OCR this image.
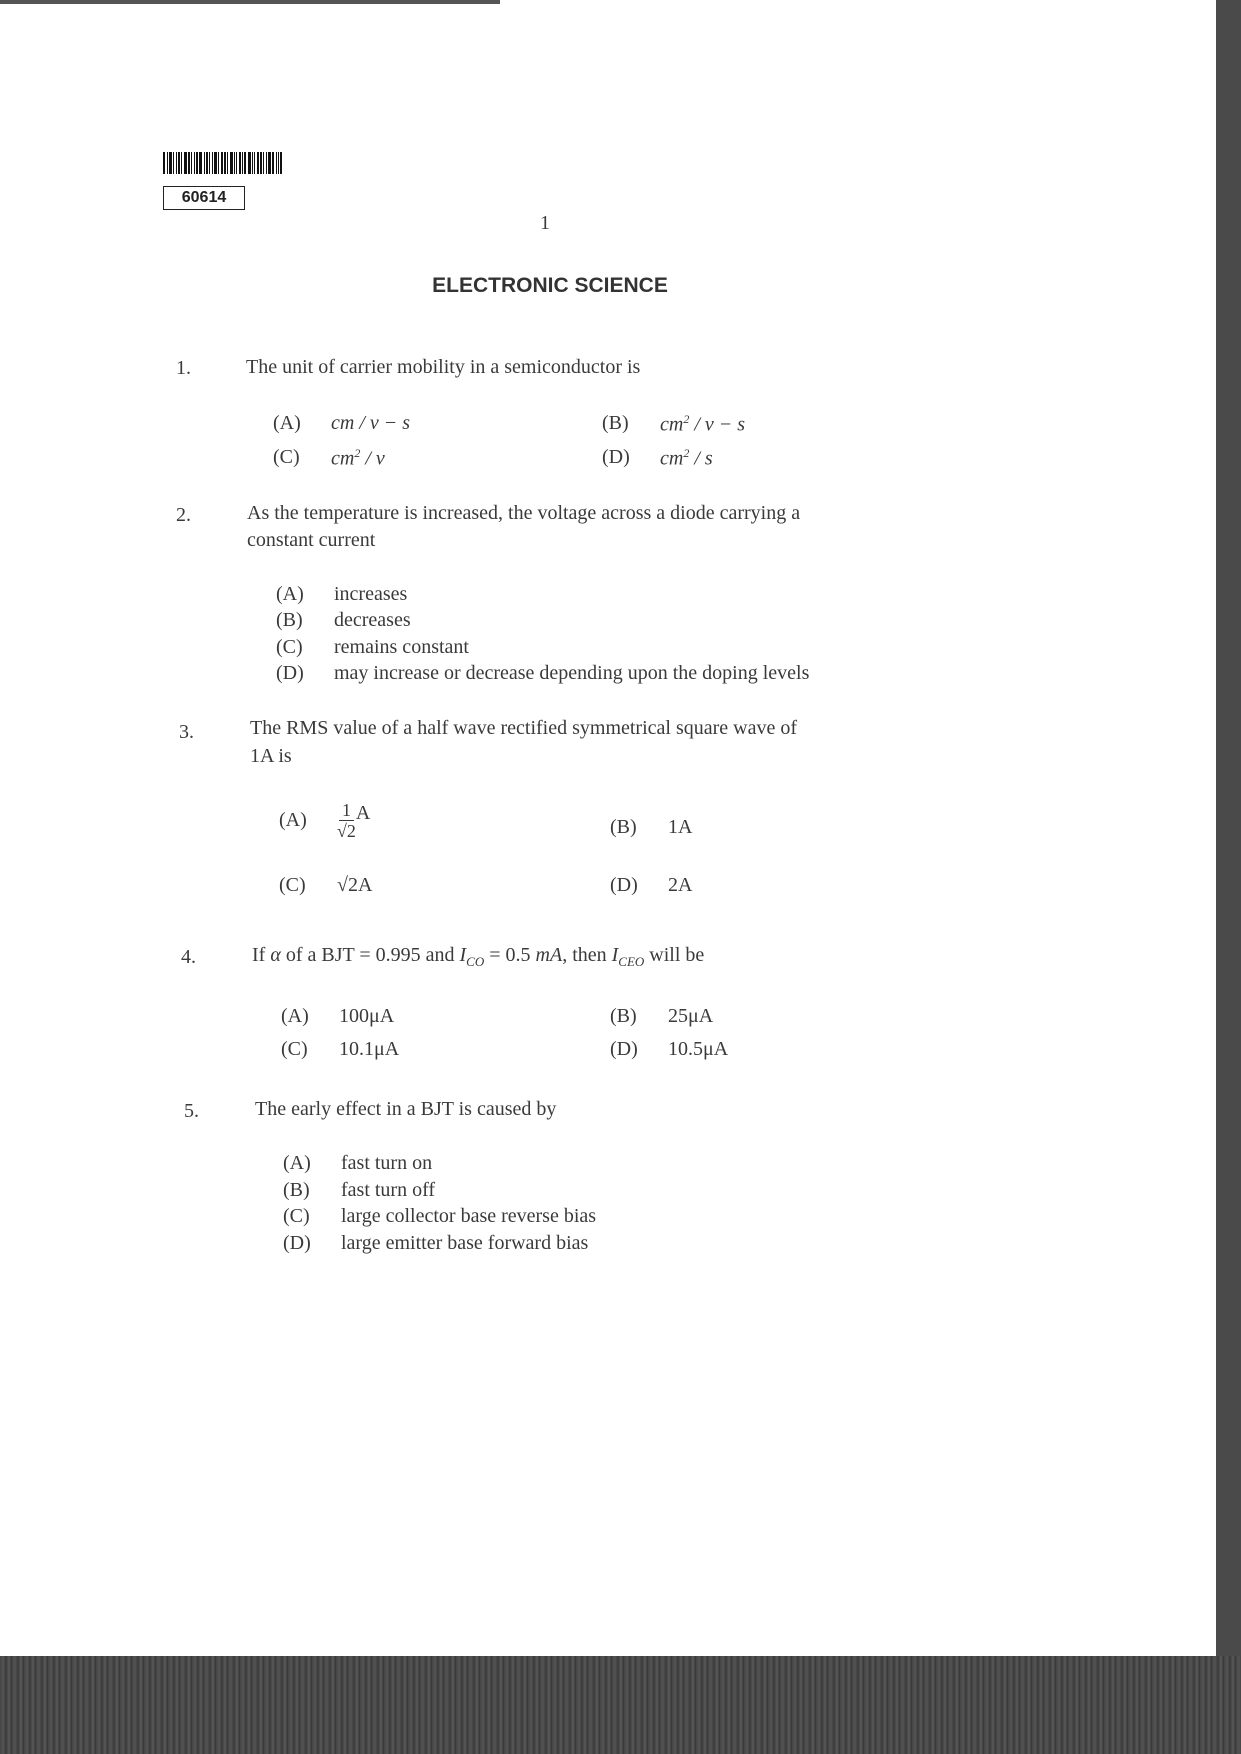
60614
1
ELECTRONIC SCIENCE
1.	The unit of carrier mobility in a semiconductor is
(A)	cm / v − s	(B)	$cm^2 / v - s$
(C)	$cm^2$ / v	(D)	$cm^2$ / s
2.	As the temperature is increased, the voltage across a diode carrying a
constant current
(A)	increases
(B)	decreases
(C)	remains constant
(D)	may increase or decrease depending upon the doping levels
3.	The RMS value of a half wave rectified symmetrical square wave of
1A is
(A)	$\frac{1}{√2}$ A
(B)	1A
(C)	√2A	(D)	2A
4.	If α of a BJT = 0.995 and $I_{CO} = 0.5$ mA, then $I_{CEO}$ will be
(A)	100μA	(B)	25μA
(C)	10.1μA	(D)	10.5μA
5.	The early effect in a BJT is caused by
(A)	fast turn on
(B)	fast turn off
(C)	large collector base reverse bias
(D)	large emitter base forward bias
